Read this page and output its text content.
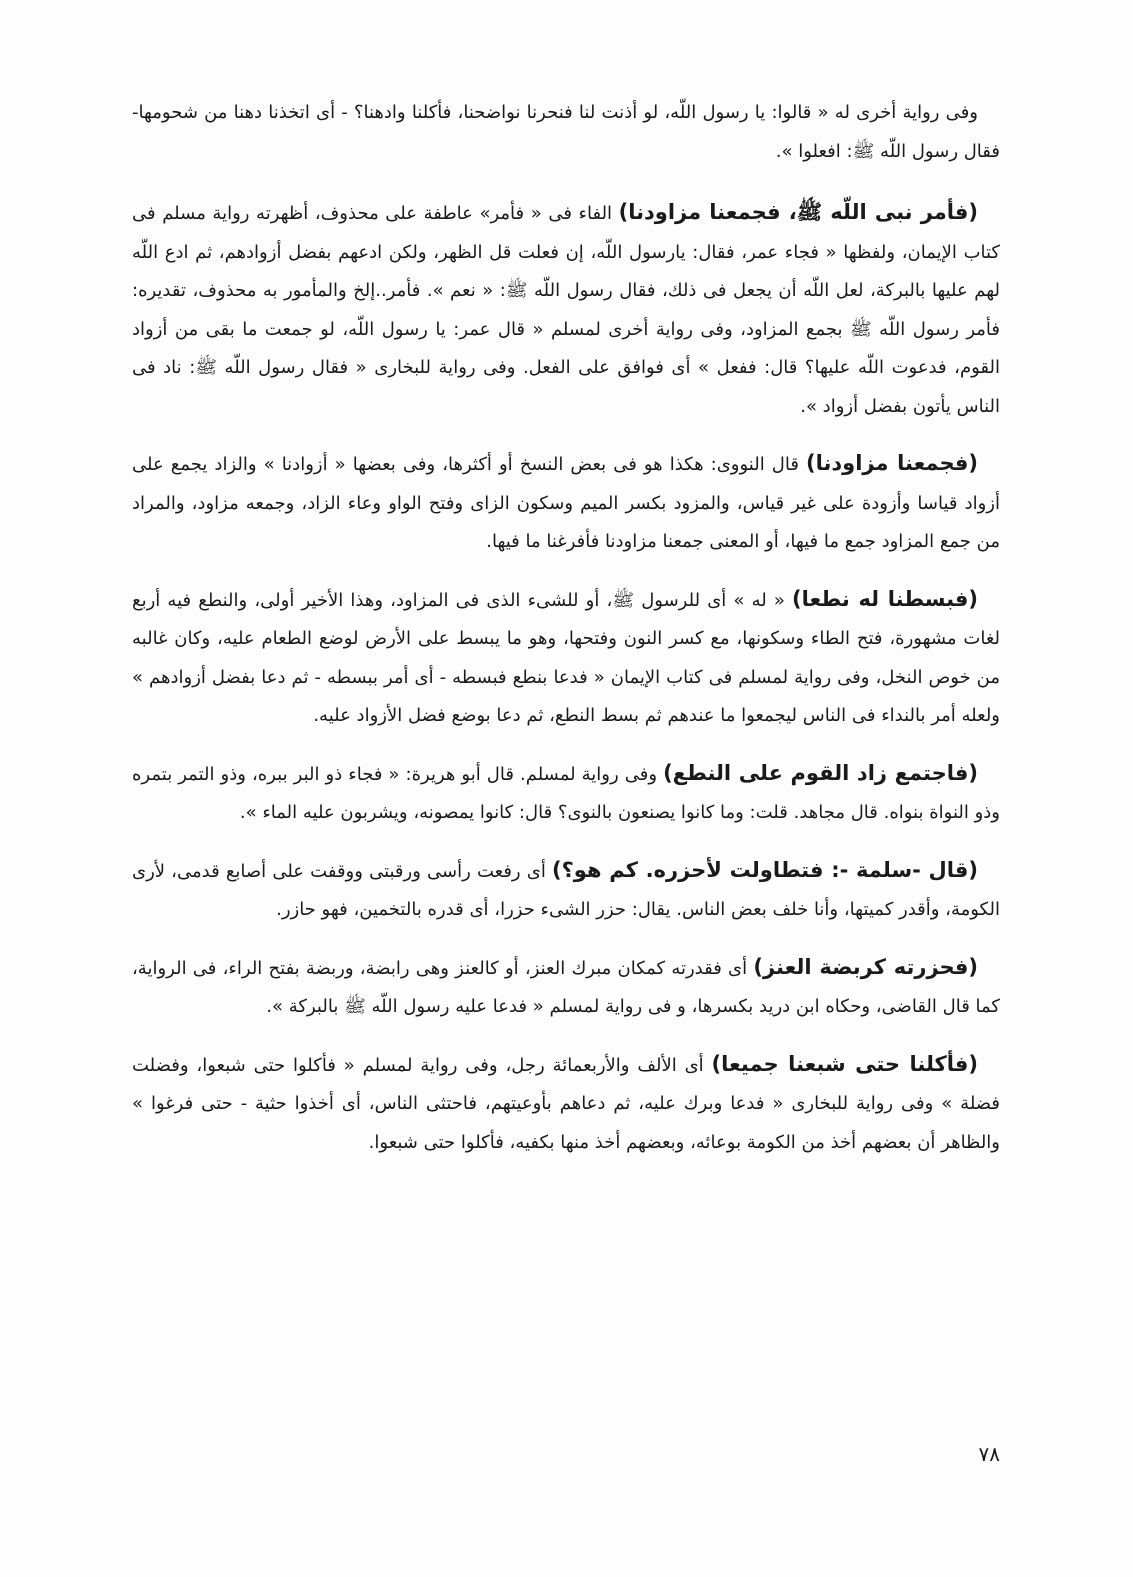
وفى رواية أخرى له « قالوا: يا رسول اللّه، لو أذنت لنا فنحرنا نواضحنا، فأكلنا وادهنا؟ - أى اتخذنا دهنا من شحومها- فقال رسول اللّه ﷺ: افعلوا ».

(فأمر نبى اللّه ﷺ، فجمعنا مزاودنا) الفاء فى « فأمر» عاطفة على محذوف، أظهرته رواية مسلم فى كتاب الإيمان، ولفظها « فجاء عمر، فقال: يارسول اللّه، إن فعلت قل الظهر، ولكن ادعهم بفضل أزوادهم، ثم ادع اللّه لهم عليها بالبركة، لعل اللّه أن يجعل فى ذلك، فقال رسول اللّه ﷺ: « نعم ». فأمر..إلخ والمأمور به محذوف، تقديره: فأمر رسول اللّه ﷺ بجمع المزاود، وفى رواية أخرى لمسلم « قال عمر: يا رسول اللّه، لو جمعت ما بقى من أزواد القوم، فدعوت اللّه عليها؟ قال: ففعل » أى فوافق على الفعل. وفى رواية للبخارى « فقال رسول اللّه ﷺ: ناد فى الناس يأتون بفضل أزواد ».

(فجمعنا مزاودنا) قال النووى: هكذا هو فى بعض النسخ أو أكثرها، وفى بعضها « أزوادنا » والزاد يجمع على أزواد قياسا وأزودة على غير قياس، والمزود بكسر الميم وسكون الزاى وفتح الواو وعاء الزاد، وجمعه مزاود، والمراد من جمع المزاود جمع ما فيها، أو المعنى جمعنا مزاودنا فأفرغنا ما فيها.

(فبسطنا له نطعا) « له » أى للرسول ﷺ، أو للشىء الذى فى المزاود، وهذا الأخير أولى، والنطع فيه أربع لغات مشهورة، فتح الطاء وسكونها، مع كسر النون وفتحها، وهو ما يبسط على الأرض لوضع الطعام عليه، وكان غالبه من خوص النخل، وفى رواية لمسلم فى كتاب الإيمان « فدعا بنطع فبسطه - أى أمر ببسطه - ثم دعا بفضل أزوادهم » ولعله أمر بالنداء فى الناس ليجمعوا ما عندهم ثم بسط النطع، ثم دعا بوضع فضل الأزواد عليه.

(فاجتمع زاد القوم على النطع) وفى رواية لمسلم. قال أبو هريرة: « فجاء ذو البر ببره، وذو التمر بتمره وذو النواة بنواه. قال مجاهد. قلت: وما كانوا يصنعون بالنوى؟ قال: كانوا يمصونه، ويشربون عليه الماء ».

(قال -سلمة -: فتطاولت لأحزره. كم هو؟) أى رفعت رأسى ورقبتى ووقفت على أصابع قدمى، لأرى الكومة، وأقدر كميتها، وأنا خلف بعض الناس. يقال: حزر الشىء حزرا، أى قدره بالتخمين، فهو حازر.

(فحزرته كربضة العنز) أى فقدرته كمكان مبرك العنز، أو كالعنز وهى رابضة، وربضة بفتح الراء، فى الرواية، كما قال القاضى، وحكاه ابن دريد بكسرها، و فى رواية لمسلم « فدعا عليه رسول اللّه ﷺ بالبركة ».

(فأكلنا حتى شبعنا جميعا) أى الألف والأربعمائة رجل، وفى رواية لمسلم « فأكلوا حتى شبعوا، وفضلت فضلة » وفى رواية للبخارى « فدعا وبرك عليه، ثم دعاهم بأوعيتهم، فاحتثى الناس، أى أخذوا حثية - حتى فرغوا » والظاهر أن بعضهم أخذ من الكومة بوعائه، وبعضهم أخذ منها بكفيه، فأكلوا حتى شبعوا.

٧٨
